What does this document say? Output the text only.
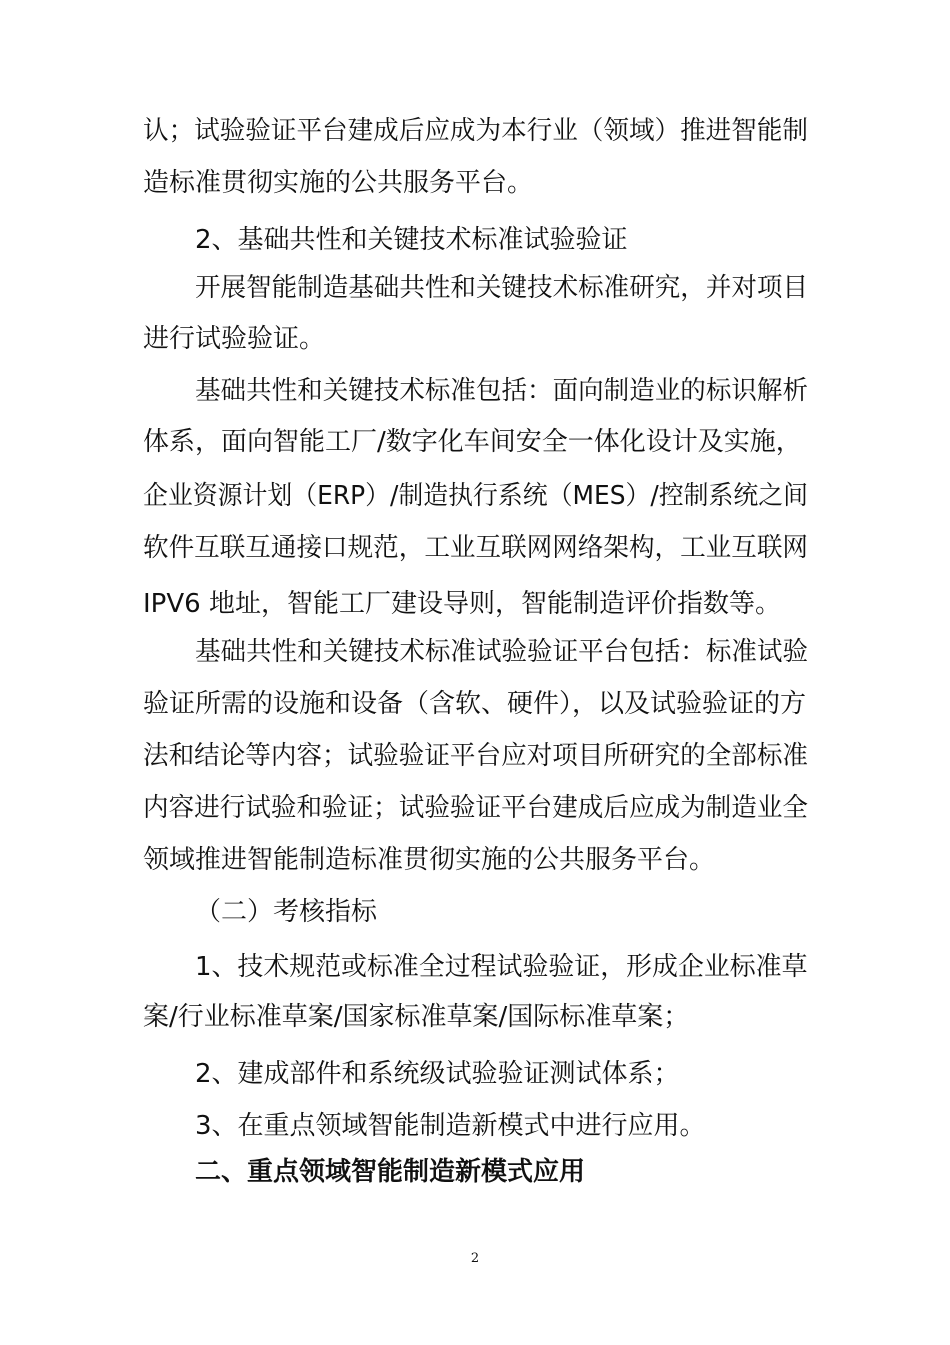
认；试验验证平台建成后应成为本行业（领域）推进智能制
造标准贯彻实施的公共服务平台。
2、基础共性和关键技术标准试验验证
开展智能制造基础共性和关键技术标准研究，并对项目
进行试验验证。
基础共性和关键技术标准包括：面向制造业的标识解析
体系，面向智能工厂/数字化车间安全一体化设计及实施，
企业资源计划（ERP）/制造执行系统（MES）/控制系统之间
软件互联互通接口规范，工业互联网网络架构，工业互联网
IPV6 地址，智能工厂建设导则，智能制造评价指数等。
基础共性和关键技术标准试验验证平台包括：标准试验
验证所需的设施和设备（含软、硬件），以及试验验证的方
法和结论等内容；试验验证平台应对项目所研究的全部标准
内容进行试验和验证；试验验证平台建成后应成为制造业全
领域推进智能制造标准贯彻实施的公共服务平台。
（二）考核指标
1、技术规范或标准全过程试验验证，形成企业标准草
案/行业标准草案/国家标准草案/国际标准草案；
2、建成部件和系统级试验验证测试体系；
3、在重点领域智能制造新模式中进行应用。
二、重点领域智能制造新模式应用
2
